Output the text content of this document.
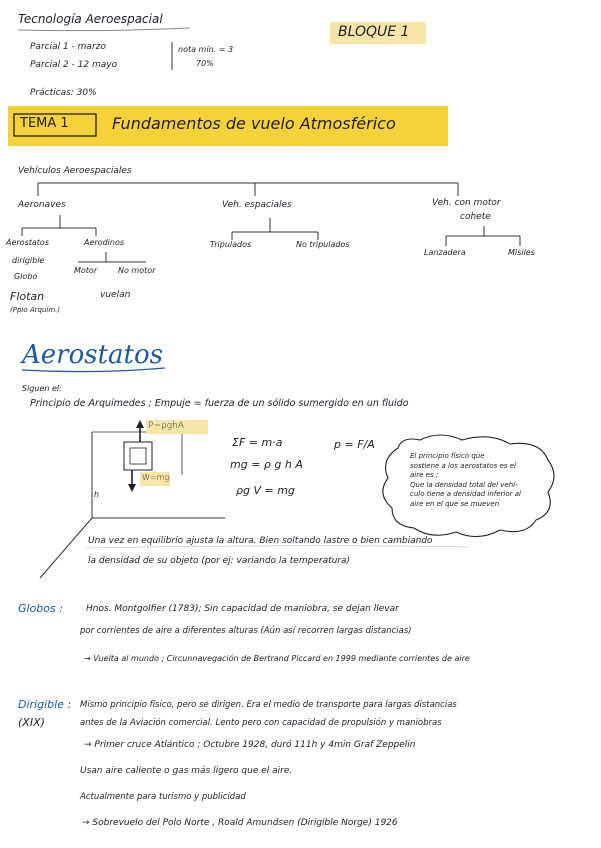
Tecnología Aeroespacial
BLOQUE 1
Parcial 1 - marzo
Parcial 2 - 12 mayo
nota mín. = 3
70%
Prácticas: 30%
TEMA 1	Fundamentos de vuelo Atmosférico
Vehículos Aeroespaciales
Aeronaves
Aerostatos	Aerodinos
dirigible
Globo
Motor	No motor
Flotan
(Ppio Arquím.)
vuelan
Veh. espaciales
Tripulados	No tripulados
Veh. con motor
cohete
Lanzadera	Misiles
Aerostatos
Siguen el:
Principio de Arquímedes ; Empuje = fuerza de un sólido sumergido en un fluido
P=ρghA
W=mg
h
ΣF = m·a
mg = ρ g h A
ρg V = mg
p = F/A
El principio físico que
sostiene a los aerostatos es el
aire es ;
Que la densidad total del vehí-
culo tiene a densidad inferior al
aire en el que se mueven
Una vez en equilibrio ajusta la altura. Bien soltando lastre o bien cambiando
la densidad de su objeto (por ej: variando la temperatura)
Globos :	Hnos. Montgolfier (1783); Sin capacidad de maniobra, se dejan llevar
por corrientes de aire a diferentes alturas (Aún así recorren largas distancias)
→ Vuelta al mundo ; Circunnavegación de Bertrand Piccard en 1999 mediante corrientes de aire
Dirigible :
(XIX)
Mismo principio físico, pero se dirigen. Era el medio de transporte para largas distancias
antes de la Aviación comercial. Lento pero con capacidad de propulsión y maniobras
→ Primer cruce Atlántico ; Octubre 1928, duró 111h y 4min Graf Zeppelin
Usan aire caliente o gas más ligero que el aire.
Actualmente para turismo y publicidad
→ Sobrevuelo del Polo Norte , Roald Amundsen (Dirigible Norge) 1926
